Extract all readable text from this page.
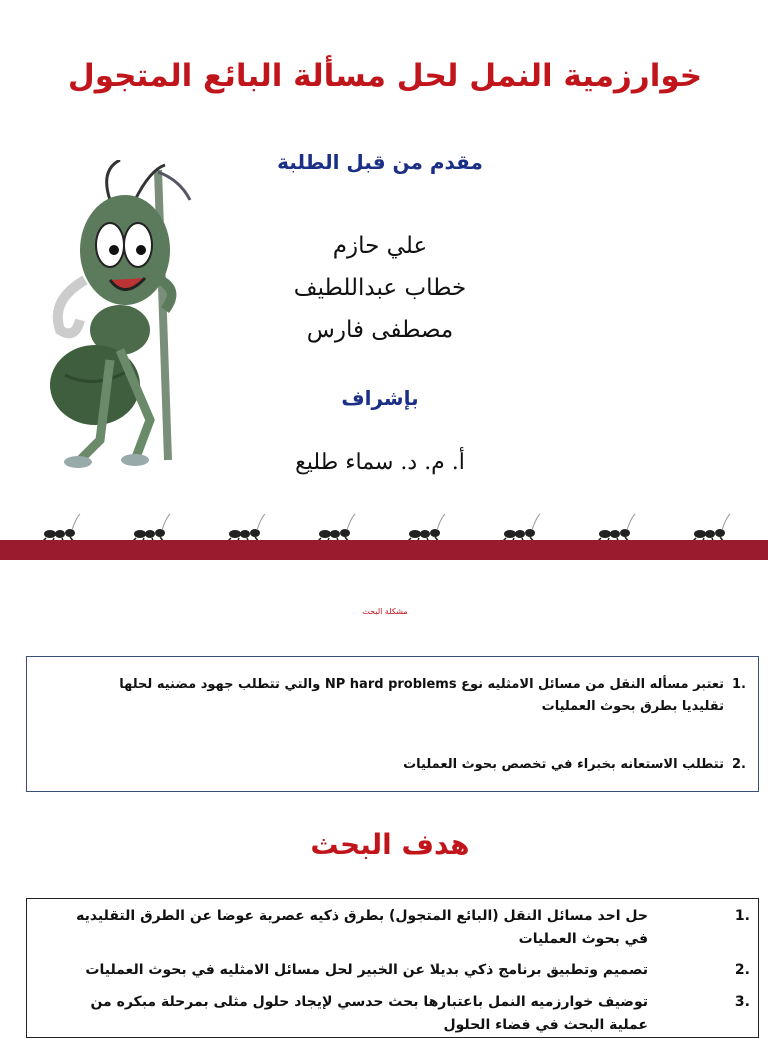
خوارزمية النمل لحل مسألة البائع المتجول
مقدم من قبل الطلبة
علي حازم
خطاب عبداللطيف
مصطفى فارس
بإشراف
أ. م. د. سماء طليع
مشكلة البحث
.1تعتبر مسأله النقل من مسائل الامثليه نوع NP hard problems والتي تتطلب جهود مضنيه لحلها
تقليديا بطرق بحوث العمليات
.2تتطلب الاستعانه بخبراء في تخصص بحوث العمليات
هدف البحث
.1
حل احد مسائل النقل (البائع المتجول) بطرق ذكيه عصرية عوضا عن الطرق التقليديه
في بحوث العمليات
.2
تصميم وتطبيق برنامج ذكي بديلا عن الخبير لحل مسائل الامثليه في بحوث العمليات
.3
توضيف خوارزميه النمل باعتبارها بحث حدسي لإيجاد حلول مثلى بمرحلة مبكره من
عملية البحث في فضاء الحلول
